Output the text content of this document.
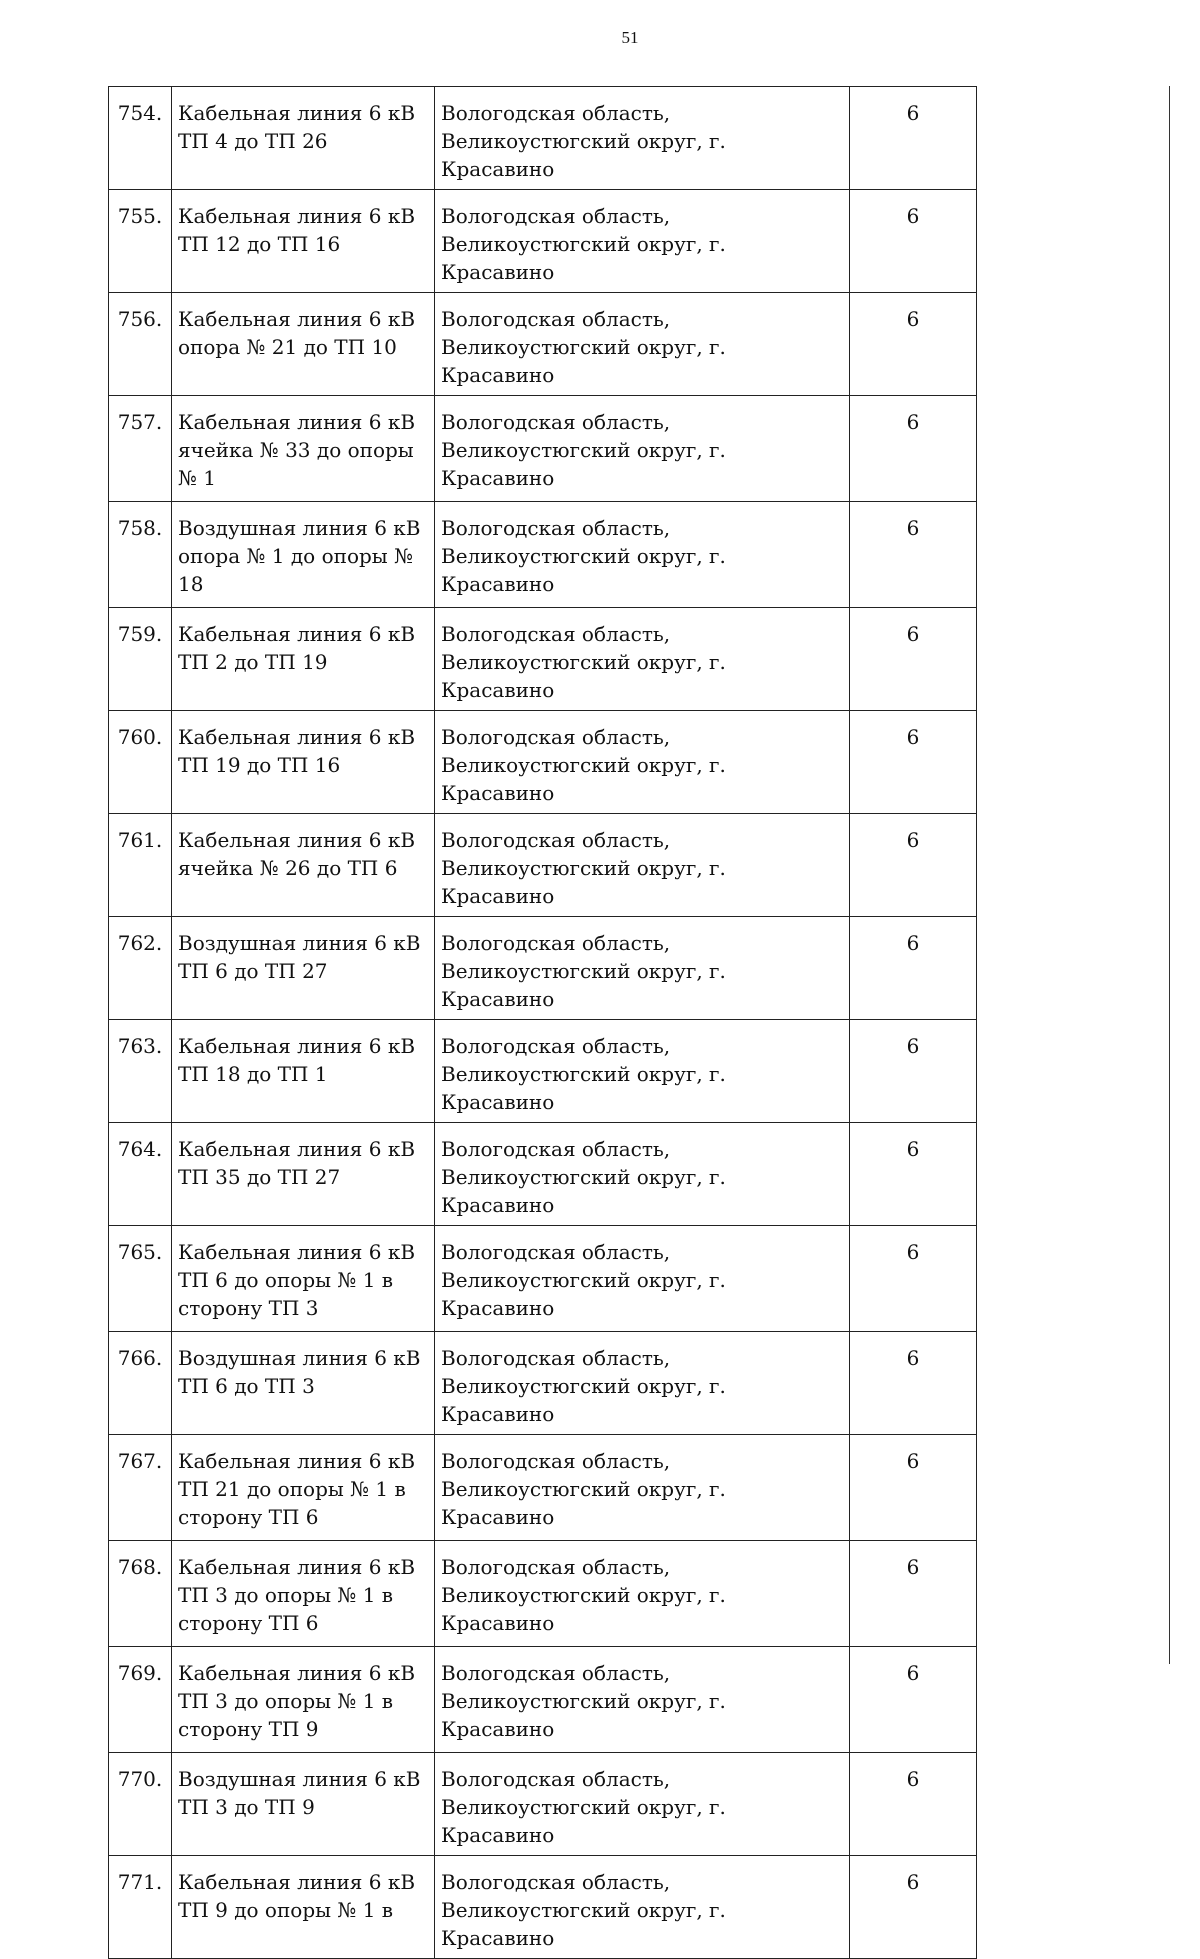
51
754.	Кабельная линия 6 кВ ТП 4 до ТП 26	Вологодская область, Великоустюгский округ, г. Красавино	6
755.	Кабельная линия 6 кВ ТП 12 до ТП 16	Вологодская область, Великоустюгский округ, г. Красавино	6
756.	Кабельная линия 6 кВ опора № 21 до ТП 10	Вологодская область, Великоустюгский округ, г. Красавино	6
757.	Кабельная линия 6 кВ ячейка № 33 до опоры № 1	Вологодская область, Великоустюгский округ, г. Красавино	6
758.	Воздушная линия 6 кВ опора № 1 до опоры № 18	Вологодская область, Великоустюгский округ, г. Красавино	6
759.	Кабельная линия 6 кВ ТП 2 до ТП 19	Вологодская область, Великоустюгский округ, г. Красавино	6
760.	Кабельная линия 6 кВ ТП 19 до ТП 16	Вологодская область, Великоустюгский округ, г. Красавино	6
761.	Кабельная линия 6 кВ ячейка № 26 до ТП 6	Вологодская область, Великоустюгский округ, г. Красавино	6
762.	Воздушная линия 6 кВ ТП 6 до ТП 27	Вологодская область, Великоустюгский округ, г. Красавино	6
763.	Кабельная линия 6 кВ ТП 18 до ТП 1	Вологодская область, Великоустюгский округ, г. Красавино	6
764.	Кабельная линия 6 кВ ТП 35 до ТП 27	Вологодская область, Великоустюгский округ, г. Красавино	6
765.	Кабельная линия 6 кВ ТП 6 до опоры № 1 в сторону ТП 3	Вологодская область, Великоустюгский округ, г. Красавино	6
766.	Воздушная линия 6 кВ ТП 6 до ТП 3	Вологодская область, Великоустюгский округ, г. Красавино	6
767.	Кабельная линия 6 кВ ТП 21 до опоры № 1 в сторону ТП 6	Вологодская область, Великоустюгский округ, г. Красавино	6
768.	Кабельная линия 6 кВ ТП 3 до опоры № 1 в сторону ТП 6	Вологодская область, Великоустюгский округ, г. Красавино	6
769.	Кабельная линия 6 кВ ТП 3 до опоры № 1 в сторону ТП 9	Вологодская область, Великоустюгский округ, г. Красавино	6
770.	Воздушная линия 6 кВ ТП 3 до ТП 9	Вологодская область, Великоустюгский округ, г. Красавино	6
771.	Кабельная линия 6 кВ ТП 9 до опоры № 1 в	Вологодская область, Великоустюгский округ, г. Красавино	6
